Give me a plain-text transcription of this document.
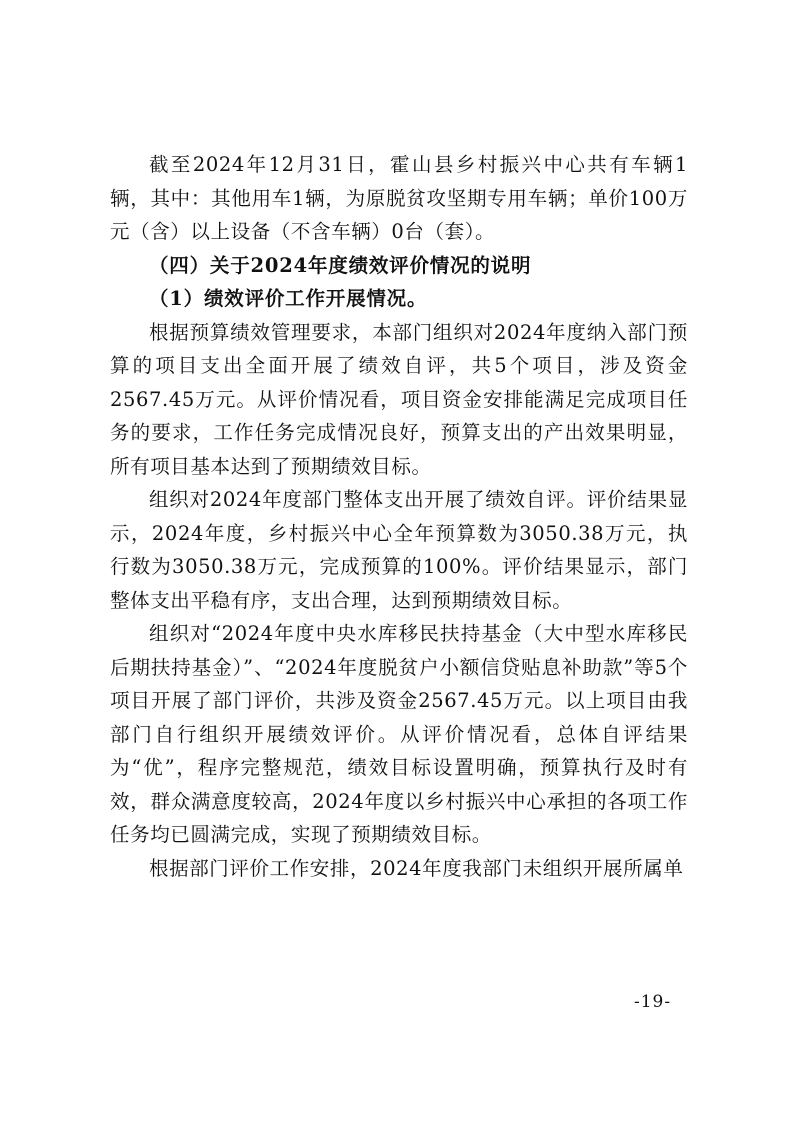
截至2024年12月31日，霍山县乡村振兴中心共有车辆1辆，其中：其他用车1辆，为原脱贫攻坚期专用车辆；单价100万元（含）以上设备（不含车辆）0台（套）。

（四）关于2024年度绩效评价情况的说明

（1）绩效评价工作开展情况。

根据预算绩效管理要求，本部门组织对2024年度纳入部门预算的项目支出全面开展了绩效自评，共5个项目，涉及资金2567.45万元。从评价情况看，项目资金安排能满足完成项目任务的要求，工作任务完成情况良好，预算支出的产出效果明显，所有项目基本达到了预期绩效目标。

组织对2024年度部门整体支出开展了绩效自评。评价结果显示，2024年度，乡村振兴中心全年预算数为3050.38万元，执行数为3050.38万元，完成预算的100%。评价结果显示，部门整体支出平稳有序，支出合理，达到预期绩效目标。

组织对“2024年度中央水库移民扶持基金（大中型水库移民后期扶持基金）”、“2024年度脱贫户小额信贷贴息补助款”等5个项目开展了部门评价，共涉及资金2567.45万元。以上项目由我部门自行组织开展绩效评价。从评价情况看，总体自评结果为“优”，程序完整规范，绩效目标设置明确，预算执行及时有效，群众满意度较高，2024年度以乡村振兴中心承担的各项工作任务均已圆满完成，实现了预期绩效目标。

根据部门评价工作安排，2024年度我部门未组织开展所属单

-19-
